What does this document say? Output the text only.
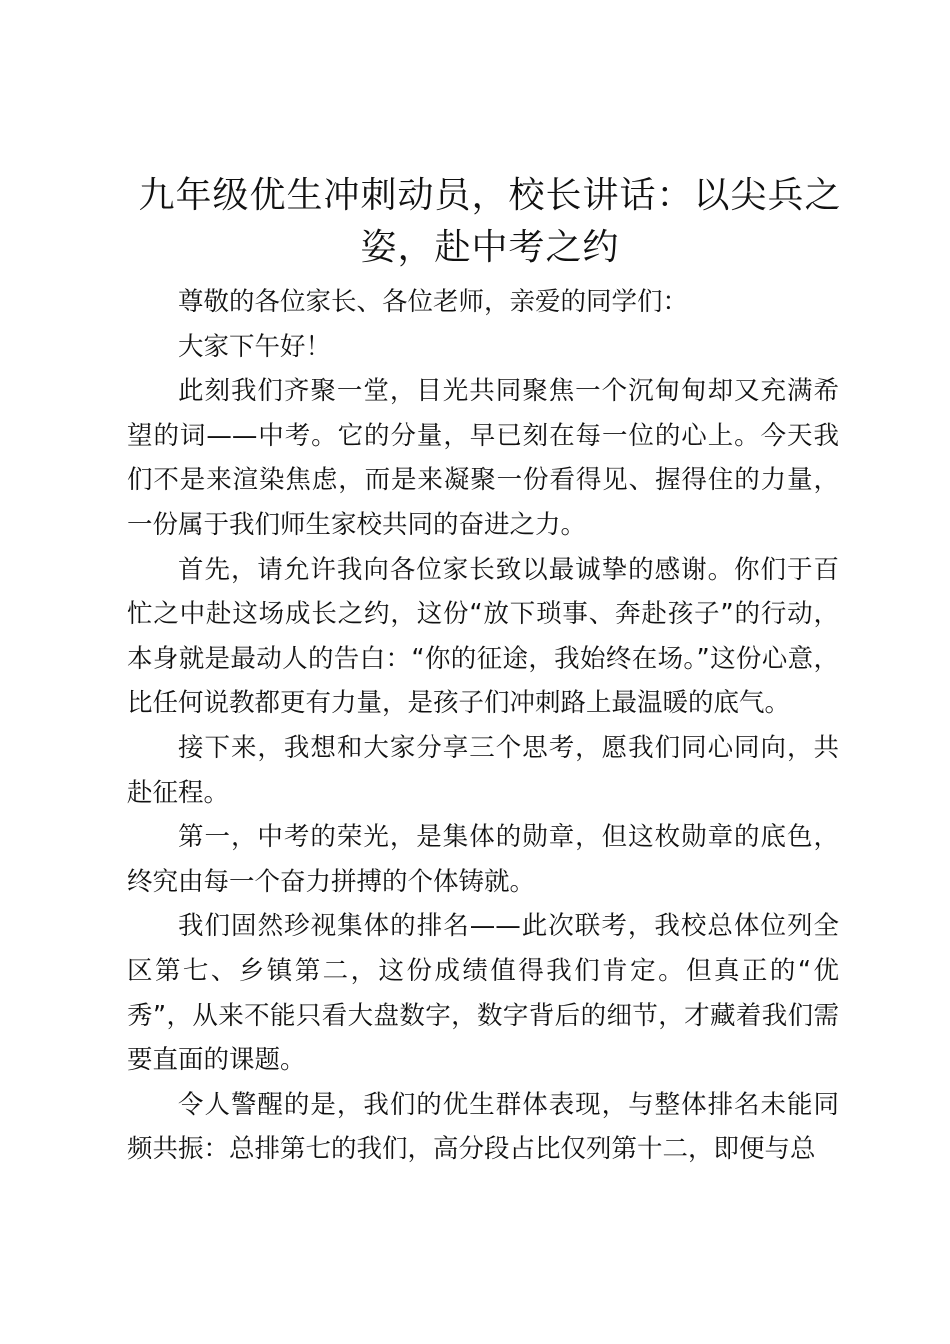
九年级优生冲刺动员，校长讲话：以尖兵之姿，赴中考之约

尊敬的各位家长、各位老师，亲爱的同学们：

大家下午好！

此刻我们齐聚一堂，目光共同聚焦一个沉甸甸却又充满希望的词——中考。它的分量，早已刻在每一位的心上。今天我们不是来渲染焦虑，而是来凝聚一份看得见、握得住的力量，一份属于我们师生家校共同的奋进之力。

首先，请允许我向各位家长致以最诚挚的感谢。你们于百忙之中赴这场成长之约，这份“放下琐事、奔赴孩子”的行动，本身就是最动人的告白：“你的征途，我始终在场。”这份心意，比任何说教都更有力量，是孩子们冲刺路上最温暖的底气。

接下来，我想和大家分享三个思考，愿我们同心同向，共赴征程。

第一，中考的荣光，是集体的勋章，但这枚勋章的底色，终究由每一个奋力拼搏的个体铸就。

我们固然珍视集体的排名——此次联考，我校总体位列全区第七、乡镇第二，这份成绩值得我们肯定。但真正的“优秀”，从来不能只看大盘数字，数字背后的细节，才藏着我们需要直面的课题。

令人警醒的是，我们的优生群体表现，与整体排名未能同频共振：总排第七的我们，高分段占比仅列第十二，即便与总
